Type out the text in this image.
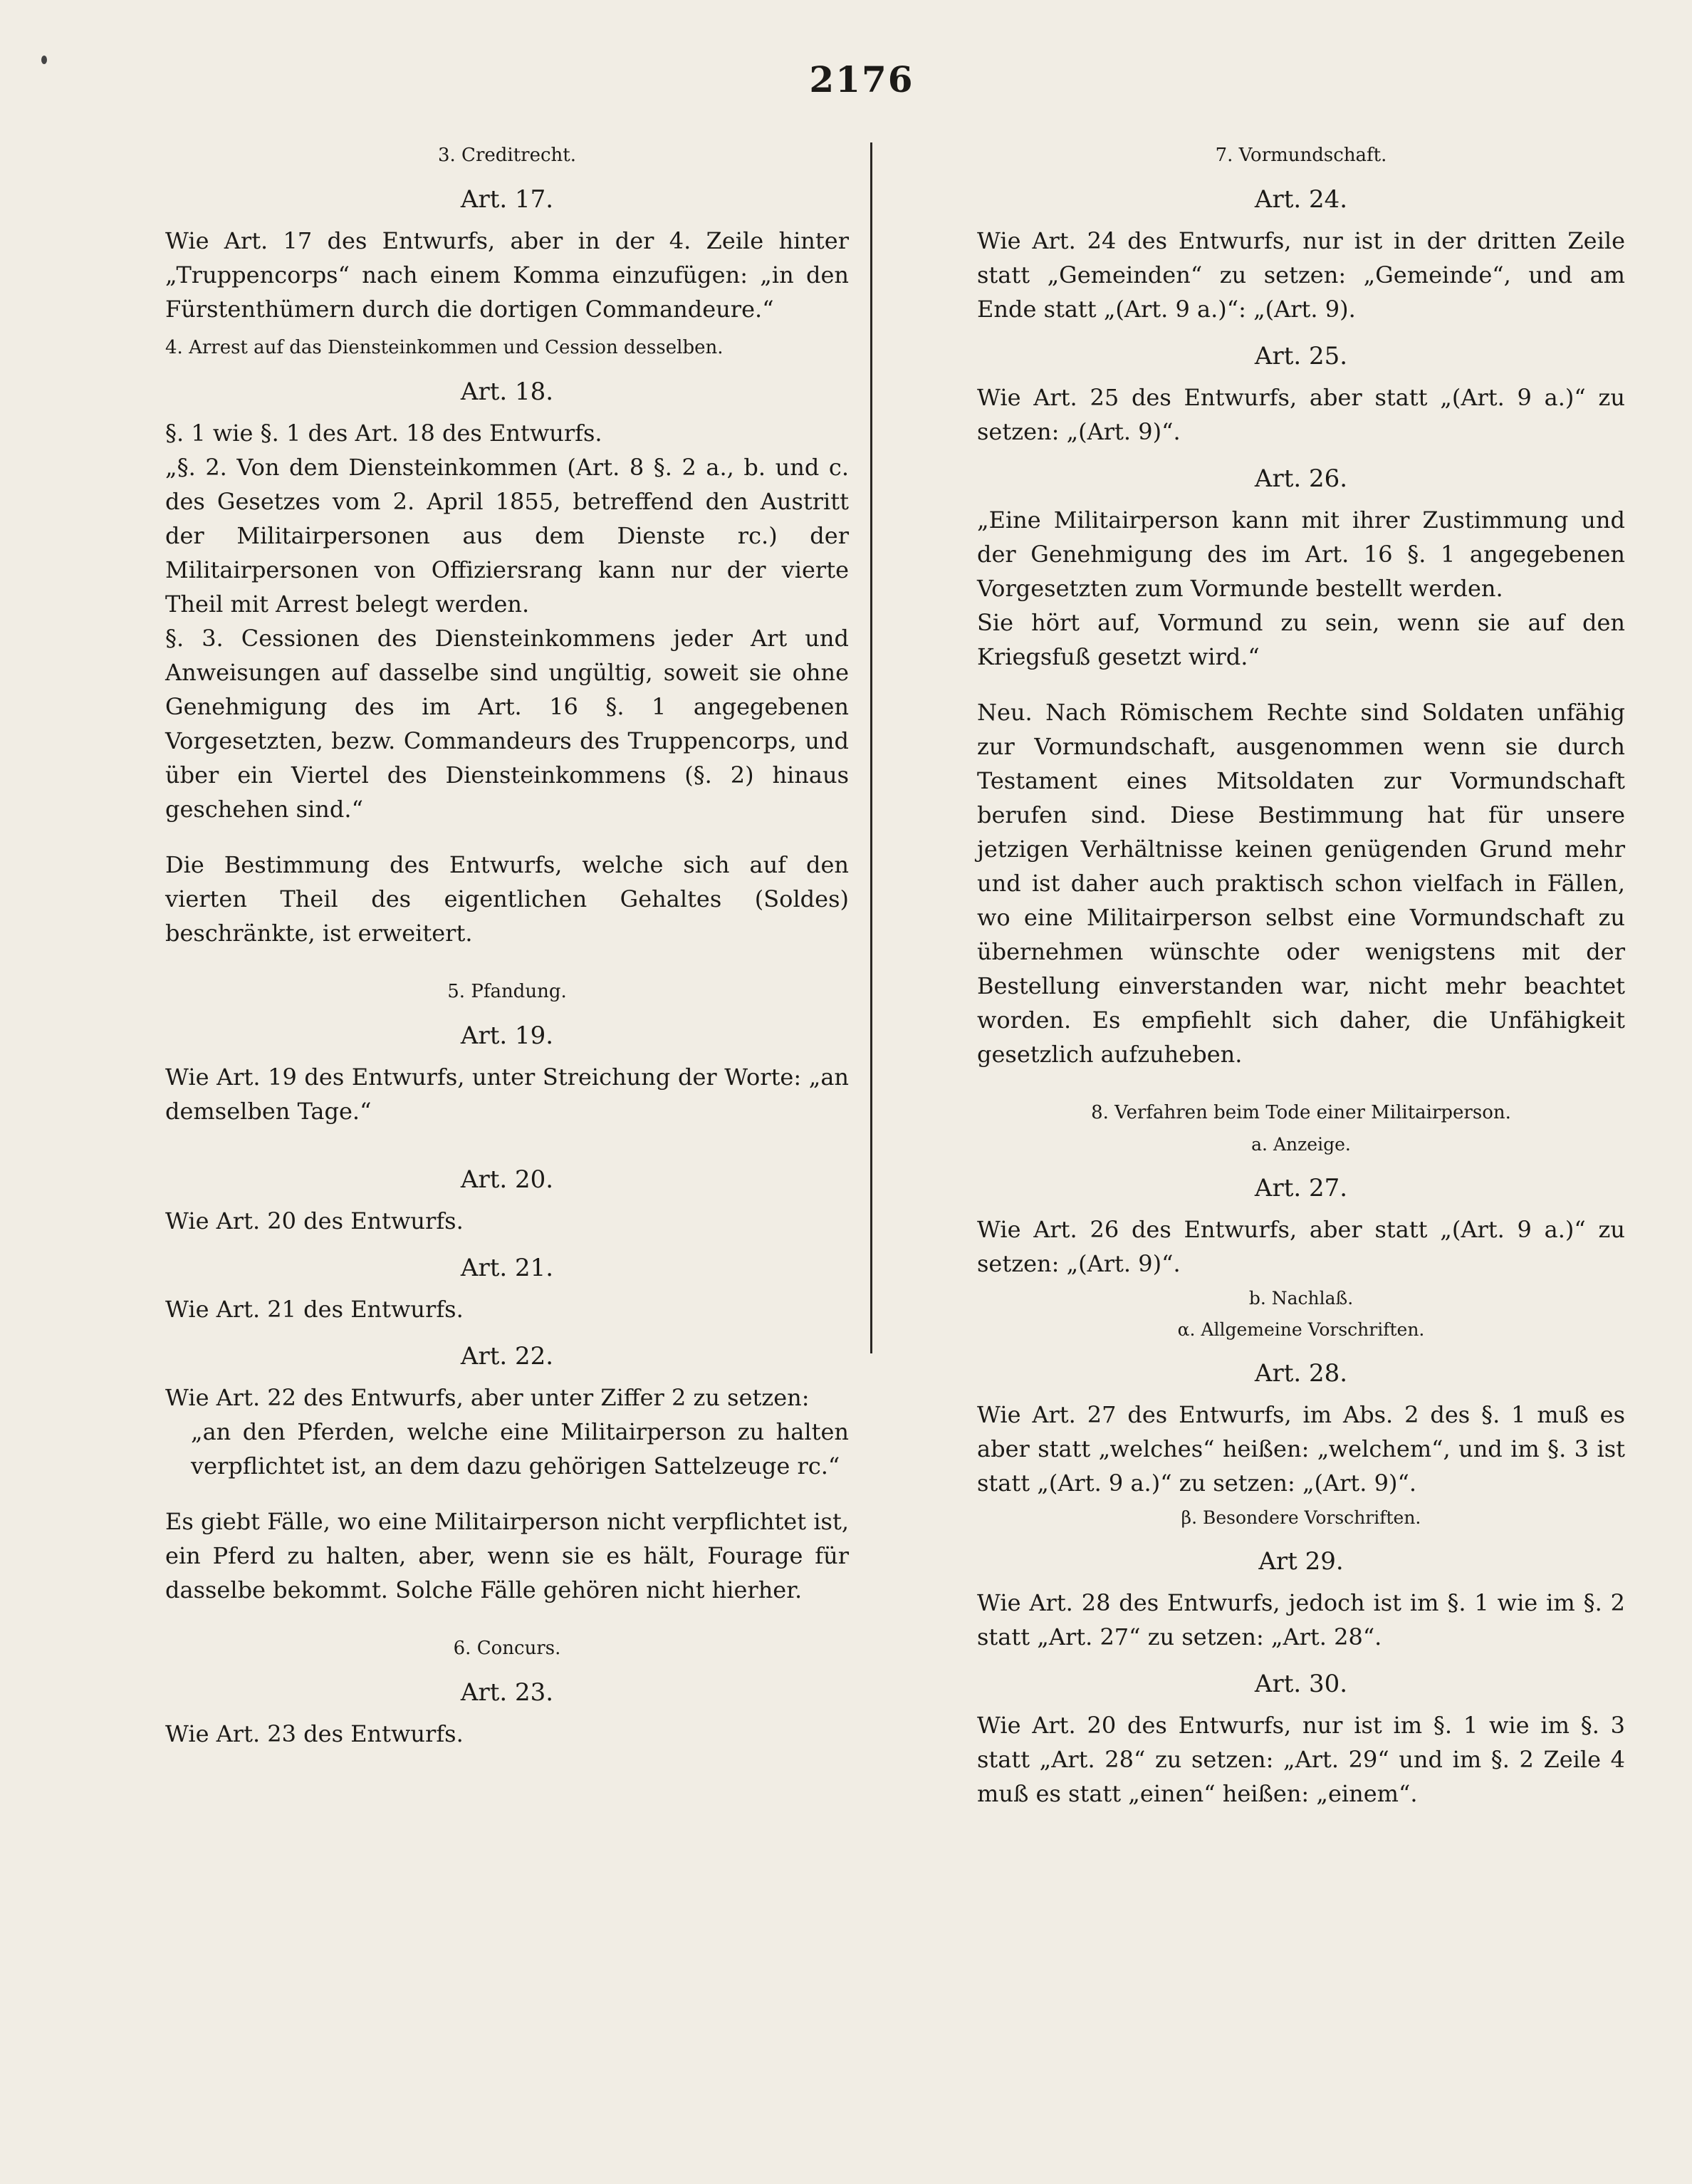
2176

3. Creditrecht.

Art. 17.

Wie Art. 17 des Entwurfs, aber in der 4. Zeile hinter „Truppencorps“ nach einem Komma einzufügen: „in den Fürstenthümern durch die dortigen Commandeure.“

4. Arrest auf das Diensteinkommen und Cession desselben.

Art. 18.

§. 1 wie §. 1 des Art. 18 des Entwurfs.

„§. 2. Von dem Diensteinkommen (Art. 8 §. 2 a., b. und c. des Gesetzes vom 2. April 1855, betreffend den Austritt der Militairpersonen aus dem Dienste rc.) der Militairpersonen von Offiziersrang kann nur der vierte Theil mit Arrest belegt werden.

§. 3. Cessionen des Diensteinkommens jeder Art und Anweisungen auf dasselbe sind ungültig, soweit sie ohne Genehmigung des im Art. 16 §. 1 angegebenen Vorgesetzten, bezw. Commandeurs des Truppencorps, und über ein Viertel des Diensteinkommens (§. 2) hinaus geschehen sind.“

Die Bestimmung des Entwurfs, welche sich auf den vierten Theil des eigentlichen Gehaltes (Soldes) beschränkte, ist erweitert.

5. Pfandung.

Art. 19.

Wie Art. 19 des Entwurfs, unter Streichung der Worte: „an demselben Tage.“

Art. 20.

Wie Art. 20 des Entwurfs.

Art. 21.

Wie Art. 21 des Entwurfs.

Art. 22.

Wie Art. 22 des Entwurfs, aber unter Ziffer 2 zu setzen:

„an den Pferden, welche eine Militairperson zu halten verpflichtet ist, an dem dazu gehörigen Sattelzeuge rc.“

Es giebt Fälle, wo eine Militairperson nicht verpflichtet ist, ein Pferd zu halten, aber, wenn sie es hält, Fourage für dasselbe bekommt. Solche Fälle gehören nicht hierher.

6. Concurs.

Art. 23.

Wie Art. 23 des Entwurfs.

7. Vormundschaft.

Art. 24.

Wie Art. 24 des Entwurfs, nur ist in der dritten Zeile statt „Gemeinden“ zu setzen: „Gemeinde“, und am Ende statt „(Art. 9 a.)“: „(Art. 9).

Art. 25.

Wie Art. 25 des Entwurfs, aber statt „(Art. 9 a.)“ zu setzen: „(Art. 9)“.

Art. 26.

„Eine Militairperson kann mit ihrer Zustimmung und der Genehmigung des im Art. 16 §. 1 angegebenen Vorgesetzten zum Vormunde bestellt werden.

Sie hört auf, Vormund zu sein, wenn sie auf den Kriegsfuß gesetzt wird.“

Neu. Nach Römischem Rechte sind Soldaten unfähig zur Vormundschaft, ausgenommen wenn sie durch Testament eines Mitsoldaten zur Vormundschaft berufen sind. Diese Bestimmung hat für unsere jetzigen Verhältnisse keinen genügenden Grund mehr und ist daher auch praktisch schon vielfach in Fällen, wo eine Militairperson selbst eine Vormundschaft zu übernehmen wünschte oder wenigstens mit der Bestellung einverstanden war, nicht mehr beachtet worden. Es empfiehlt sich daher, die Unfähigkeit gesetzlich aufzuheben.

8. Verfahren beim Tode einer Militairperson.

a. Anzeige.

Art. 27.

Wie Art. 26 des Entwurfs, aber statt „(Art. 9 a.)“ zu setzen: „(Art. 9)“.

b. Nachlaß.

α. Allgemeine Vorschriften.

Art. 28.

Wie Art. 27 des Entwurfs, im Abs. 2 des §. 1 muß es aber statt „welches“ heißen: „welchem“, und im §. 3 ist statt „(Art. 9 a.)“ zu setzen: „(Art. 9)“.

β. Besondere Vorschriften.

Art 29.

Wie Art. 28 des Entwurfs, jedoch ist im §. 1 wie im §. 2 statt „Art. 27“ zu setzen: „Art. 28“.

Art. 30.

Wie Art. 20 des Entwurfs, nur ist im §. 1 wie im §. 3 statt „Art. 28“ zu setzen: „Art. 29“ und im §. 2 Zeile 4 muß es statt „einen“ heißen: „einem“.
